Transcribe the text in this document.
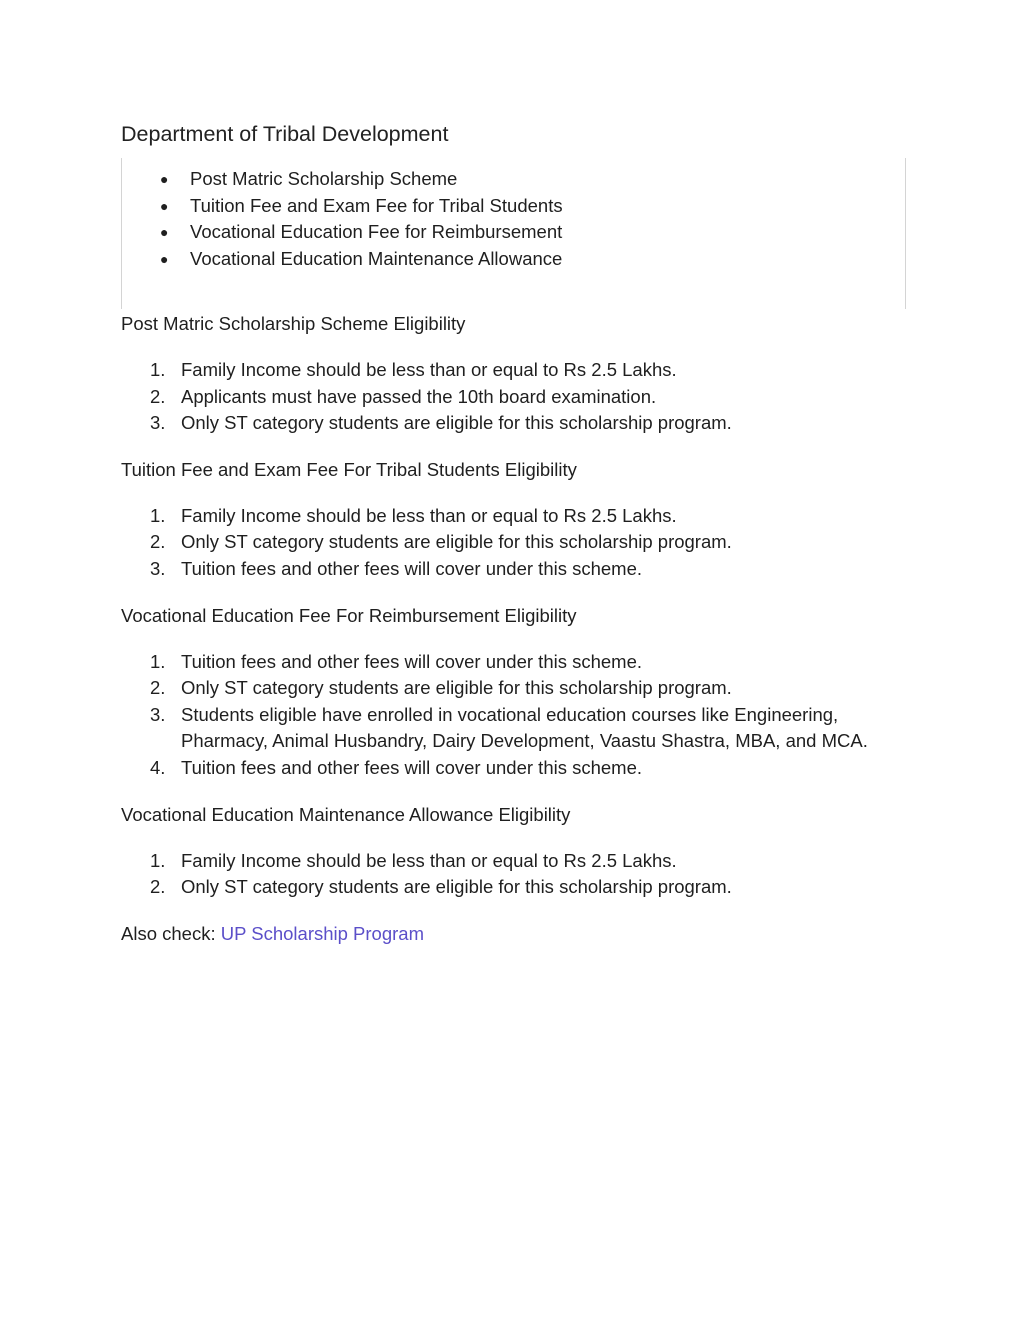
Department of Tribal Development
● Post Matric Scholarship Scheme
● Tuition Fee and Exam Fee for Tribal Students
● Vocational Education Fee for Reimbursement
● Vocational Education Maintenance Allowance

Post Matric Scholarship Scheme Eligibility

1. Family Income should be less than or equal to Rs 2.5 Lakhs.
2. Applicants must have passed the 10th board examination.
3. Only ST category students are eligible for this scholarship program.

Tuition Fee and Exam Fee For Tribal Students Eligibility

1. Family Income should be less than or equal to Rs 2.5 Lakhs.
2. Only ST category students are eligible for this scholarship program.
3. Tuition fees and other fees will cover under this scheme.

Vocational Education Fee For Reimbursement Eligibility

1. Tuition fees and other fees will cover under this scheme.
2. Only ST category students are eligible for this scholarship program.
3. Students eligible have enrolled in vocational education courses like Engineering, Pharmacy, Animal Husbandry, Dairy Development, Vaastu Shastra, MBA, and MCA.
4. Tuition fees and other fees will cover under this scheme.

Vocational Education Maintenance Allowance Eligibility

1. Family Income should be less than or equal to Rs 2.5 Lakhs.
2. Only ST category students are eligible for this scholarship program.

Also check: UP Scholarship Program
